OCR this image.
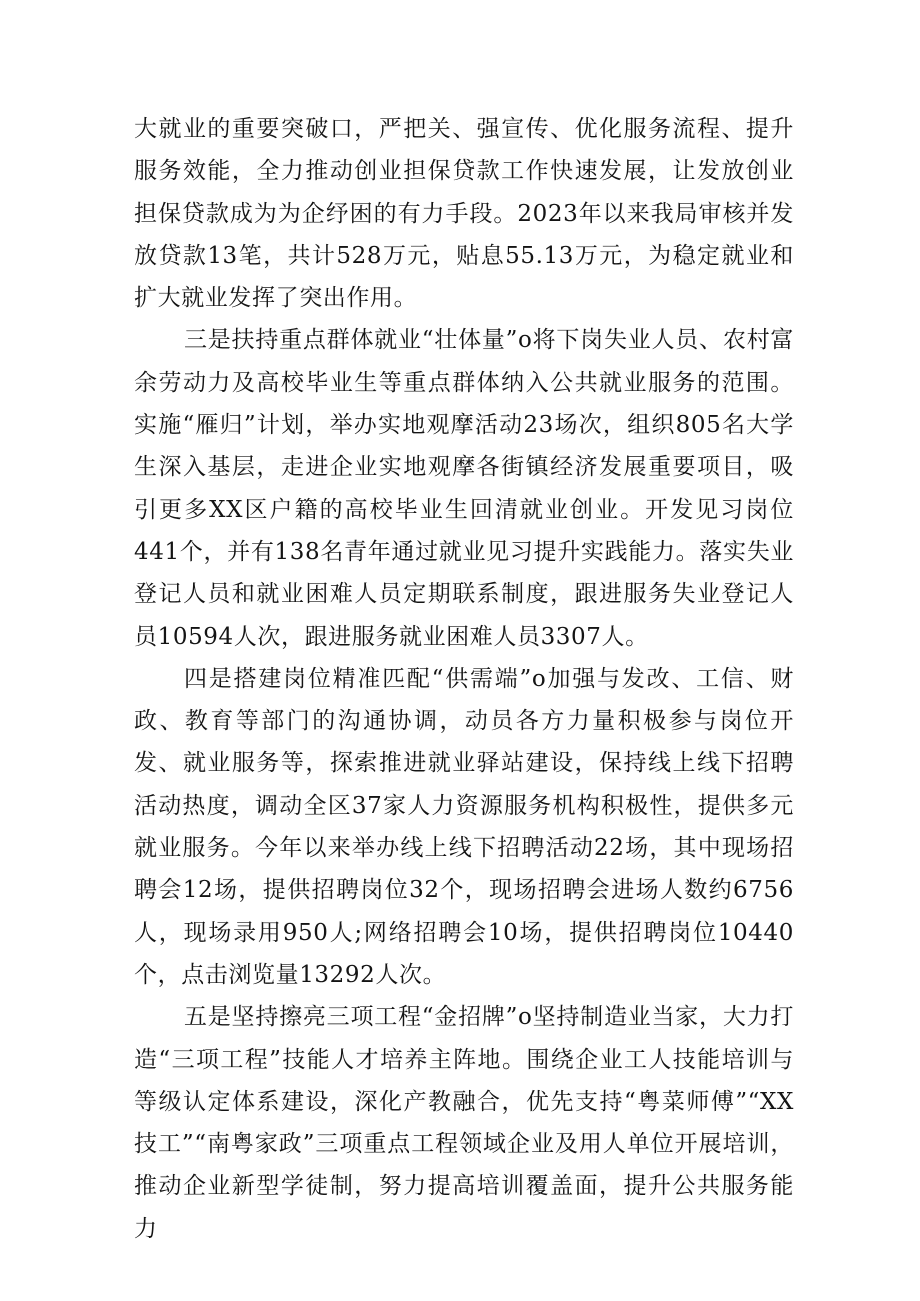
大就业的重要突破口，严把关、强宣传、优化服务流程、提升服务效能，全力推动创业担保贷款工作快速发展，让发放创业担保贷款成为为企纾困的有力手段。2023年以来我局审核并发放贷款13笔，共计528万元，贴息55.13万元，为稳定就业和扩大就业发挥了突出作用。

三是扶持重点群体就业“壮体量”o将下岗失业人员、农村富余劳动力及高校毕业生等重点群体纳入公共就业服务的范围。实施“雁归”计划，举办实地观摩活动23场次，组织805名大学生深入基层，走进企业实地观摩各街镇经济发展重要项目，吸引更多XX区户籍的高校毕业生回清就业创业。开发见习岗位441个，并有138名青年通过就业见习提升实践能力。落实失业登记人员和就业困难人员定期联系制度，跟进服务失业登记人员10594人次，跟进服务就业困难人员3307人。

四是搭建岗位精准匹配“供需端”o加强与发改、工信、财政、教育等部门的沟通协调，动员各方力量积极参与岗位开发、就业服务等，探索推进就业驿站建设，保持线上线下招聘活动热度，调动全区37家人力资源服务机构积极性，提供多元就业服务。今年以来举办线上线下招聘活动22场，其中现场招聘会12场，提供招聘岗位32个，现场招聘会进场人数约6756人，现场录用950人;网络招聘会10场，提供招聘岗位10440个，点击浏览量13292人次。

五是坚持擦亮三项工程“金招牌”o坚持制造业当家，大力打造“三项工程”技能人才培养主阵地。围绕企业工人技能培训与等级认定体系建设，深化产教融合，优先支持“粤菜师傅”“XX技工”“南粤家政”三项重点工程领域企业及用人单位开展培训，推动企业新型学徒制，努力提高培训覆盖面，提升公共服务能力
